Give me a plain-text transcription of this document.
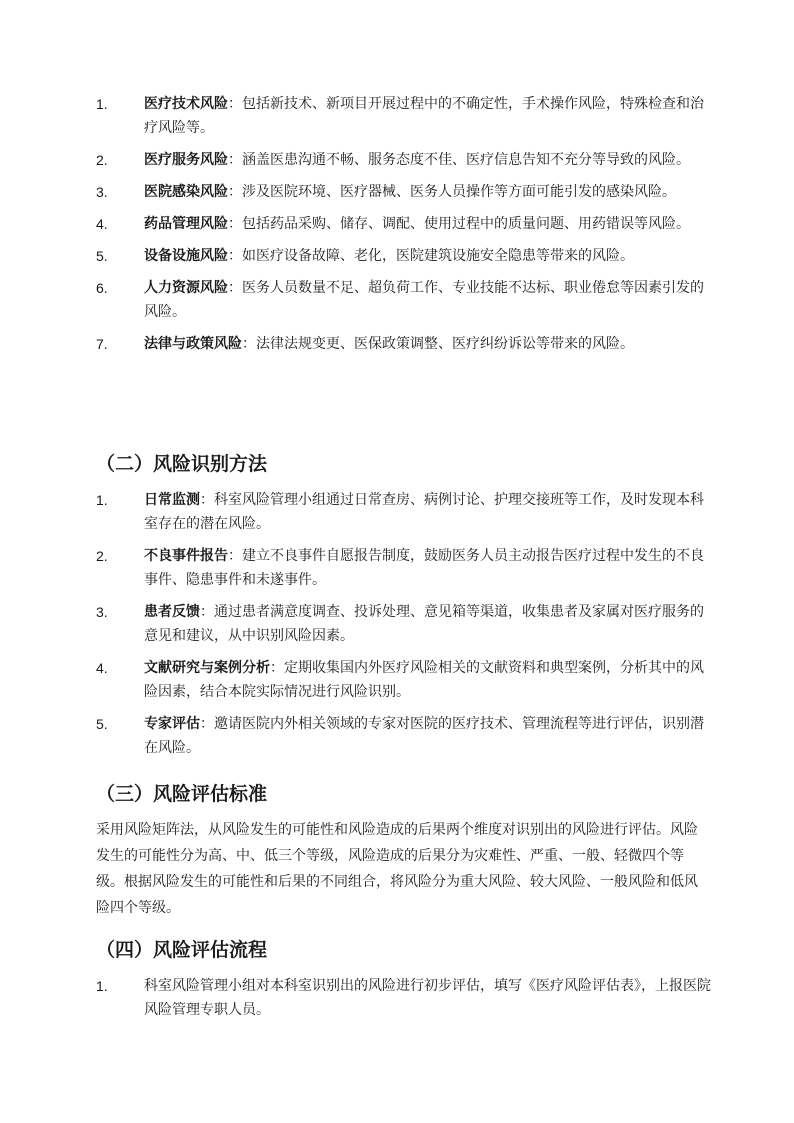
1.	医疗技术风险：包括新技术、新项目开展过程中的不确定性，手术操作风险，特殊检查和治疗风险等。
2.	医疗服务风险：涵盖医患沟通不畅、服务态度不佳、医疗信息告知不充分等导致的风险。
3.	医院感染风险：涉及医院环境、医疗器械、医务人员操作等方面可能引发的感染风险。
4.	药品管理风险：包括药品采购、储存、调配、使用过程中的质量问题、用药错误等风险。
5.	设备设施风险：如医疗设备故障、老化，医院建筑设施安全隐患等带来的风险。
6.	人力资源风险：医务人员数量不足、超负荷工作、专业技能不达标、职业倦怠等因素引发的风险。
7.	法律与政策风险：法律法规变更、医保政策调整、医疗纠纷诉讼等带来的风险。
（二）风险识别方法
1.	日常监测：科室风险管理小组通过日常查房、病例讨论、护理交接班等工作，及时发现本科室存在的潜在风险。
2.	不良事件报告：建立不良事件自愿报告制度，鼓励医务人员主动报告医疗过程中发生的不良事件、隐患事件和未遂事件。
3.	患者反馈：通过患者满意度调查、投诉处理、意见箱等渠道，收集患者及家属对医疗服务的意见和建议，从中识别风险因素。
4.	文献研究与案例分析：定期收集国内外医疗风险相关的文献资料和典型案例，分析其中的风险因素，结合本院实际情况进行风险识别。
5.	专家评估：邀请医院内外相关领域的专家对医院的医疗技术、管理流程等进行评估，识别潜在风险。
（三）风险评估标准

采用风险矩阵法，从风险发生的可能性和风险造成的后果两个维度对识别出的风险进行评估。风险发生的可能性分为高、中、低三个等级，风险造成的后果分为灾难性、严重、一般、轻微四个等级。根据风险发生的可能性和后果的不同组合，将风险分为重大风险、较大风险、一般风险和低风险四个等级。

（四）风险评估流程
1.	科室风险管理小组对本科室识别出的风险进行初步评估，填写《医疗风险评估表》，上报医院风险管理专职人员。
